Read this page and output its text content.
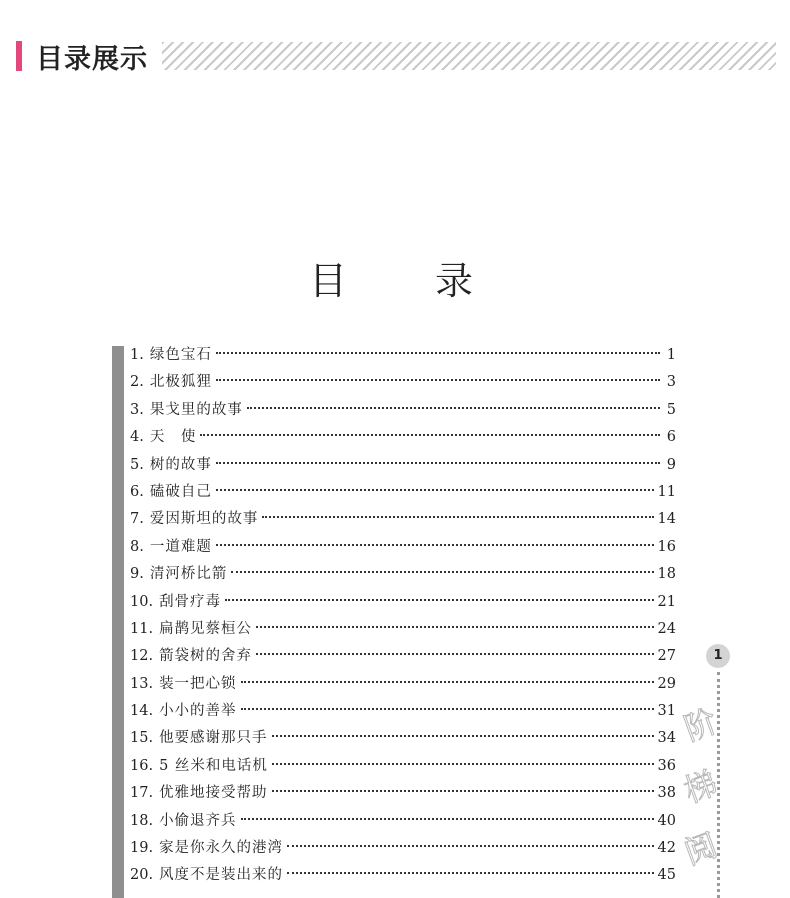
目录展示
目 录
1. 绿色宝石	1
2. 北极狐狸	3
3. 果戈里的故事	5
4. 天　使	6
5. 树的故事	9
6. 磕破自己	11
7. 爱因斯坦的故事	14
8. 一道难题	16
9. 清河桥比箭	18
10. 刮骨疗毒	21
11. 扁鹊见蔡桓公	24
12. 箭袋树的舍弃	27
13. 装一把心锁	29
14. 小小的善举	31
15. 他要感谢那只手	34
16. 5 丝米和电话机	36
17. 优雅地接受帮助	38
18. 小偷退齐兵	40
19. 家是你永久的港湾	42
20. 风度不是装出来的	45
1
阶
梯
阅
